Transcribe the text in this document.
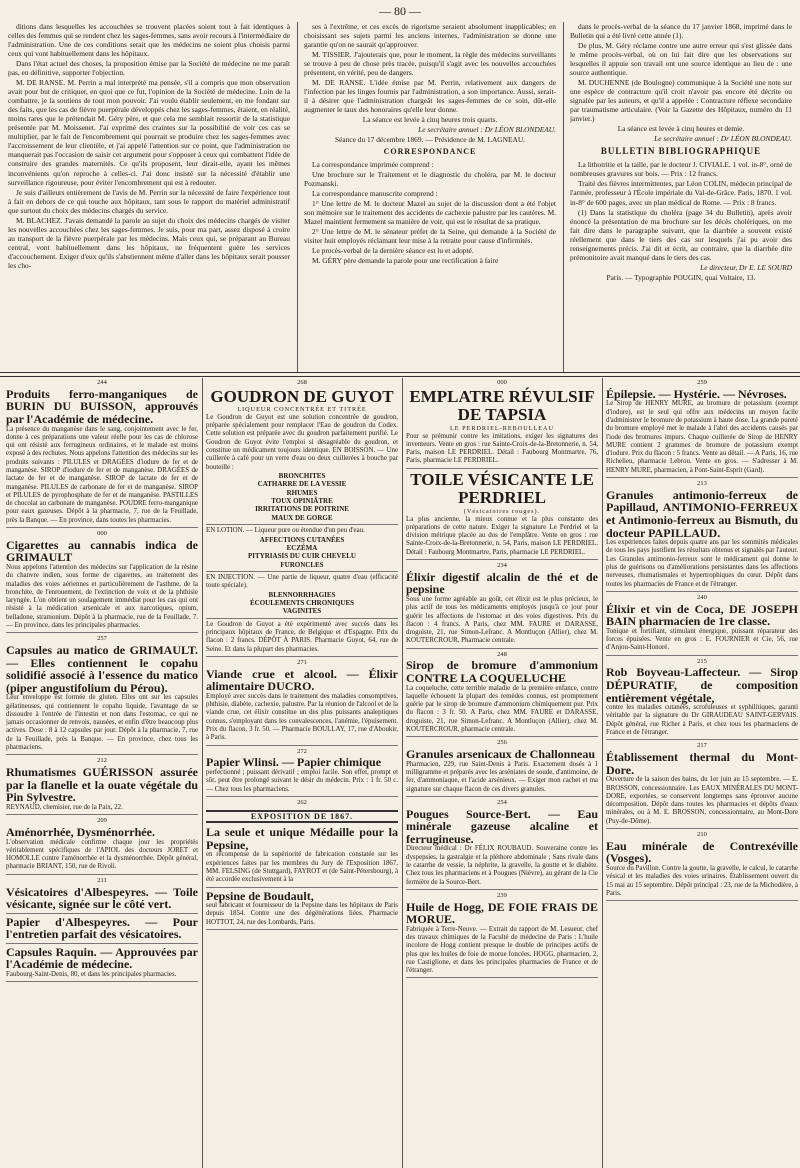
— 80 —

ditions dans lesquelles les accouchées se trouvent placées soient tout à fait identiques à celles des femmes qui se rendent chez les sages-femmes, sans avoir recours à l'intermédiaire de l'administration. Une de ces conditions serait que les médecins ne soient plus choisis parmi ceux qui vont habituellement dans les hôpitaux.

Dans l'état actuel des choses, la proposition émise par la Société de médecine ne me paraît pas, en définitive, supporter l'objection.

M. DE RANSE. M. Perrin a mal interprété ma pensée, s'il a compris que mon observation avait pour but de critiquer, en quoi que ce fut, l'opinion de la Société de médecine. Loin de la combattre, je la soutiens de tout mon pouvoir. J'ai voulu établir seulement, en me fondant sur des faits, que les cas de fièvre puerpérale développés chez les sages-femmes, étaient, en réalité, moins rares que le prétendait M. Géry père, et que cela me semblait ressortir de la statistique présentée par M. Moissenet. J'ai exprimé des craintes sur la possibilité de voir ces cas se multiplier, par le fait de l'encombrement qui pourrait se produire chez les sages-femmes avec l'accroissement de leur clientèle, et j'ai appelé l'attention sur ce point, que l'administration ne manquerait pas l'occasion de saisir cet argument pour s'opposer à ceux qui combattent l'idée de construire des grandes maternités. Ce qu'ils proposent, leur dirait-elle, ayant les mêmes inconvénients qu'on reproche à celles-ci. J'ai donc insisté sur la nécessité d'établir une surveillance rigoureuse, pour éviter l'encombrement qui est à redouter.

Je suis d'ailleurs entièrement de l'avis de M. Perrin sur la nécessité de faire l'expérience tout à fait en dehors de ce qui touche aux hôpitaux, tant sous le rapport du matériel administratif que surtout du choix des médecins chargés du service.

M. BLACHEZ. J'avais demandé la parole au sujet du choix des médecins chargés de visiter les nouvelles accouchées chez les sages-femmes. Je suis, pour ma part, assez disposé à croire au transport de la fièvre puerpérale par les médecins. Mais ceux qui, se préparant au Bureau central, vont habituellement dans les hôpitaux, ne fréquentent guère les services d'accouchement. Exiger d'eux qu'ils s'abstiennent même d'aller dans les hôpitaux serait pousser les cho-

ses à l'extrême, et ces excès de rigorisme seraient absolument inapplicables; en choisissant ses sujets parmi les anciens internes, l'administration se donne une garantie qu'on ne saurait qu'approuver.

M. TISSIER. J'ajouterais que, pour le moment, la règle des médecins surveillants se trouve à peu de chose près tracée, puisqu'il s'agit avec les nouvelles accouchées présentent, en vérité, peu de dangers.

M. DE RANSE. L'idée émise par M. Perrin, relativement aux dangers de l'infection par les linges fournis par l'administration, a son importance. Aussi, serait-il à désirer que l'administration chargeât les sages-femmes de ce soin, dût-elle augmenter le taux des honoraires qu'elle leur donne.

La séance est levée à cinq heures trois quarts.

Le secrétaire annuel : Dr LÉON BLONDEAU.

Séance du 17 décembre 1869. — Présidence de M. LAGNEAU.

CORRESPONDANCE

La correspondance imprimée comprend :

Une brochure sur le Traitement et le diagnostic du choléra, par M. le docteur Pozmanski.

La correspondance manuscrite comprend :

1° Une lettre de M. le docteur Mazel au sujet de la discussion dont a été l'objet son mémoire sur le traitement des accidents de cachexie palustre par les cautères. M. Mazel maintient fermement sa manière de voir, qui est le résultat de sa pratique.

2° Une lettre de M. le sénateur préfet de la Seine, qui demande à la Société de visiter huit employés réclamant leur mise à la retraite pour cause d'infirmités.

Le procès-verbal de la dernière séance est lu et adopté.

M. GÉRY père demande la parole pour une rectification à faire

dans le procès-verbal de la séance du 17 janvier 1868, imprimé dans le Bulletin qui a été livré cette année (1).

De plus, M. Géry réclame contre une autre erreur qui s'est glissée dans le même procès-verbal, où on lui fait dire que les observations sur lesquelles il appuie son travail ont une source identique au lieu de : une source authentique.

M. DUCHENNE (de Boulogne) communique à la Société une note sur une espèce de contracture qu'il croit n'avoir pas encore été décrite ou signalée par les auteurs, et qu'il a appelée : Contracture réflexe secondaire par traumatisme articulaire. (Voir la Gazette des Hôpitaux, numéro du 11 janvier.)

La séance est levée à cinq heures et demie.

Le secrétaire annuel : Dr LÉON BLONDEAU.

BULLETIN BIBLIOGRAPHIQUE

La lithotritie et la taille, par le docteur J. CIVIALE. 1 vol. in-8°, orné de nombreuses gravures sur bois. — Prix : 12 francs.

Traité des fièvres intermittentes, par Léon COLIN, médecin principal de l'armée, professeur à l'École impériale du Val-de-Grâce. Paris, 1870. 1 vol. in-8° de 600 pages, avec un plan médical de Rome. — Prix : 8 francs.

(1) Dans la statistique du choléra (page 34 du Bulletin), après avoir énoncé la présentation de ma brochure sur les décès cholériques, on me fait dire dans le paragraphe suivant, que la diarrhée a souvent existé réellement que dans le tiers des cas sur lesquels j'ai pu avoir des renseignements précis. J'ai dit et écrit, au contraire, que la diarrhée dite prémonitoire avait manqué dans le tiers des cas.

Le directeur, Dr E. LE SOURD

Paris. — Typographie POUGIN, quai Voltaire, 13.

244
Produits ferro-manganiques de BURIN DU BUISSON, approuvés par l'Académie de médecine.

La présence du manganèse dans le sang, conjointement avec le fer, donne à ces préparations une valeur réelle pour les cas de chlorose qui ont résisté aux ferrugineux ordinaires, et le malade est moins exposé à des rechutes. Nous appelons l'attention des médecins sur les produits suivants : PILULES et DRAGÉES d'iodure de fer et de manganèse. SIROP d'iodure de fer et de manganèse. DRAGÉES de lactate de fer et de manganèse. SIROP de lactate de fer et de manganèse. PILULES de carbonate de fer et de manganèse. SIROP et PILULES de pyrophosphate de fer et de manganèse. PASTILLES de chocolat au carbonate de manganèse. POUDRE ferro-manganique pour eaux gazeuses. Dépôt à la pharmacie, 7, rue de la Feuillade, près la Banque. — En province, dans toutes les pharmacies.

000
Cigarettes au cannabis indica de GRIMAULT

Nous appelons l'attention des médecins sur l'application de la résine du chanvre indien, sous forme de cigarettes, au traitement des maladies des voies aériennes et particulièrement de l'asthme, de la bronchite, de l'enrouement, de l'extinction de voix et de la phthisie laryngée. L'on obtient un soulagement immédiat pour les cas qui ont résisté à la médication arsenicale et aux narcotiques, opium, belladone, stramonium. Dépôt à la pharmacie, rue de la Feuillade, 7. — En province, dans les principales pharmacies.

257
Capsules au matico de GRIMAULT. — Elles contiennent le copahu solidifié associé à l'essence du matico (piper angustifolium du Pérou).

Leur enveloppe est formée de gluten. Elles ont sur les capsules gélatineuses, qui contiennent le copahu liquide, l'avantage de se dissoudre à l'entrée de l'intestin et non dans l'estomac, ce qui ne jamais occasionner de renvois, nausées, et enfin d'être beaucoup plus actives. Dose : 8 à 12 capsules par jour. Dépôt à la pharmacie, 7, rue de la Feuillade, près la Banque. — En province, chez tous les pharmaciens.

212
Rhumatismes GUÉRISSON assurée par la flanelle et la ouate végétale du Pin Sylvestre.

REYNAUD, chemisier, rue de la Paix, 22.

209
Aménorrhée, Dysménorrhée.

L'observation médicale confirme chaque jour les propriétés véritablement spécifiques de l'APIOL des docteurs JORET et HOMOLLE contre l'aménorrhée et la dysménorrhée. Dépôt général, pharmacie BRIANT, 150, rue de Rivoli.

211
Vésicatoires d'Albespeyres. — Toile vésicante, signée sur le côté vert.
Papier d'Albespeyres. — Pour l'entretien parfait des vésicatoires.
Capsules Raquin. — Approuvées par l'Académie de médecine.

Faubourg-Saint-Denis, 80, et dans les principales pharmacies.

268
GOUDRON DE GUYOT
LIQUEUR CONCENTRÉE ET TITRÉE

Le Goudron de Guyot est une solution concentrée de goudron, préparée spécialement pour remplacer l'Eau de goudron du Codex. Cette solution est préparée avec du goudron parfaitement purifié. Le Goudron de Guyot évite l'emploi si désagréable du goudron, et constitue un médicament toujours identique. EN BOISSON. — Une cuillerée à café pour un verre d'eau ou deux cuillerées à bouche par bouteille :

BRONCHITES
CATHARRE DE LA VESSIE
RHUMES
TOUX OPINIÂTRE
IRRITATIONS DE POITRINE
MAUX DE GORGE

EN LOTION. — Liqueur pure ou étendue d'un peu d'eau.

AFFECTIONS CUTANÉES
ECZÉMA
PITYRIASIS DU CUIR CHEVELU
FURONCLES

EN INJECTION. — Une partie de liqueur, quatre d'eau (efficacité toute spéciale).

BLENNORRHAGIES
ÉCOULEMENTS CHRONIQUES
VAGINITES

Le Goudron de Guyot a été expérimenté avec succès dans les principaux hôpitaux de France, de Belgique et d'Espagne. Prix du flacon : 2 francs. DÉPÔT À PARIS. Pharmacie Guyot, 64, rue de Seine. Et dans la plupart des pharmacies.

271
Viande crue et alcool. — Élixir alimentaire DUCRO.

Employé avec succès dans le traitement des maladies consomptives, phthisie, diabète, cachexie, palustre. Par la réunion de l'alcool et de la viande crue, cet élixir constitue un des plus puissants analeptiques connus, s'employant dans les convalescences, l'anémie, l'épuisement. Prix du flacon, 3 fr. 50. — Pharmacie BOULLAY, 17, rue d'Aboukir, à Paris.

272
Papier Wlinsi. — Papier chimique

perfectionné ; puissant dérivatif ; emploi facile. Son effet, prompt et sûr, peut être prolongé suivant le désir du médecin. Prix : 1 fr. 50 c. — Chez tous les pharmaciens.

262
EXPOSITION DE 1867.
La seule et unique Médaille pour la Pepsine,

en récompense de la supériorité de fabrication constatée sur les expériences faites par les membres du Jury de l'Exposition 1867, MM. FELSING (de Stuttgard), FAYROT et (de Saint-Pétersbourg), à été accordée exclusivement à la

Pepsine de Boudault,

seul fabricant et fournisseur de la Pepsine dans les hôpitaux de Paris depuis 1854. Contre une des dégénérations liées. Pharmacie HOTTOT, 24, rue des Lombards, Paris.

000
EMPLATRE RÉVULSIF DE TAPSIA
LE PERDRIEL-REBOULLEAU

Pour se prémunir contre les imitations, exiger les signatures des inventeurs. Vente en gros : rue Sainte-Croix-de-la-Bretonnerie, n. 54, Paris, maison LE PERDRIEL. Détail : Faubourg Montmartre, 76, Paris, pharmacie LE PERDRIEL.

TOILE VÉSICANTE LE PERDRIEL
(Vésicatoires rouges).

La plus ancienne, la mieux connue et la plus constante des préparations de cette nature. Exiger la signature Le Perdriel et la division métrique placée au dos de l'emplâtre. Vente en gros : rue Sainte-Croix-de-la-Bretonnerie, n. 54, Paris, maison LE PERDRIEL. Détail : Faubourg Montmartre, Paris, pharmacie LE PERDRIEL.

234
Élixir digestif alcalin de thé et de pepsine

Sous une forme agréable au goût, cet élixir est le plus précieux, le plus actif de tous les médicaments employés jusqu'à ce jour pour guérir les affections de l'estomac et des voies digestives. Prix du flacon : 4 francs. A Paris, chez MM. FAURE et DARASSE, droguiste, 21, rue Simon-Lefranc. A Montluçon (Allier), chez M. KOUTERCROUR, Pharmacie centrale.

248
Sirop de bromure d'ammonium CONTRE LA COQUELUCHE

La coqueluche, cette terrible maladie de la première enfance, contre laquelle échouent la plupart des remèdes connus, est promptement guérie par le sirop de bromure d'ammonium chimiquement pur. Prix du flacon : 3 fr. 50. A Paris, chez MM. FAURE et DARASSE, droguiste, 21, rue Simon-Lefranc. A Montluçon (Allier), chez M. KOUTERCROUR, pharmacie centrale.

256
Granules arsenicaux de Challonneau

Pharmacien, 229, rue Saint-Denis à Paris. Exactement dosés à 1 milligramme et préparés avec les arséniates de soude, d'antimoine, de fer, d'ammoniaque, et l'acide arsénieux. — Exiger mon cachet et ma signature sur chaque flacon de ces divers granules.

254
Pougues Source-Bert. — Eau minérale gazeuse alcaline et ferrugineuse.

Directeur médical : Dr FÉLIX ROUBAUD. Souveraine contre les dyspepsies, la gastralgie et la pléthore abdominale ; Sans rivale dans le catarrhe de vessie, la néphrite, la gravelle, la goutte et le diabète. Chez tous les pharmaciens et à Pougues (Nièvre), au gérant de la Cie fermière de la Source-Bert.

239
Huile de Hogg, DE FOIE FRAIS DE MORUE.

Fabriquée à Terre-Neuve. — Extrait du rapport de M. Lesueur, chef des travaux chimiques de la Faculté de médecine de Paris : L'huile incolore de Hogg contient presque le double de principes actifs de plus que les huiles de foie de morue foncées. HOGG, pharmacien, 2, rue Castiglione, et dans les principales pharmacies de France et de l'étranger.

259
Épilepsie. — Hystérie. — Névroses.

Le Sirop de HENRY MURE, au bromure de potassium (exempt d'iodure), est le seul qui offre aux médecins un moyen facile d'administrer le bromure de potassium à haute dose. La grande pureté du bromure employé met le malade à l'abri des accidents causés par l'iode des bromures impurs. Chaque cuillerée de Sirop de HENRY MURE contient 2 grammes de bromure de potassium exempt d'iodure. Prix du flacon : 5 francs. Vente au détail. — A Paris, 16, rue Richelieu, pharmacie Lebrou. Vente en gros. — S'adresser à M. HENRY MURE, pharmacien, à Pont-Saint-Esprit (Gard).

213
Granules antimonio-ferreux de Papillaud, ANTIMONIO-FERREUX et Antimonio-ferreux au Bismuth, du docteur PAPILLAUD.

Les expériences faites depuis quatre ans par les sommités médicales de tous les pays justifient les résultats obtenus et signalés par l'auteur. Les Granules antimonio-ferreux sont le médicament qui donne le plus de guérisons ou d'améliorations persistantes dans les affections nerveuses, rhumatismales et hypertrophiques du cœur. Dépôt dans toutes les pharmacies de France et de l'étranger.

240
Élixir et vin de Coca, DE JOSEPH BAIN pharmacien de 1re classe.

Tonique et fortifiant, stimulant énergique, puissant réparateur des forces épuisées. Vente en gros : E. FOURNIER et Cie, 56, rue d'Anjou-Saint-Honoré.

215
Rob Boyveau-Laffecteur. — Sirop DÉPURATIF, de composition entièrement végétale,

contre les maladies cutanées, scrofuleuses et syphilitiques, garanti véritable par la signature du Dr GIRAUDEAU SAINT-GERVAIS. Dépôt général, rue Richer à Paris, et chez tous les pharmaciens de France et de l'étranger.

217
Établissement thermal du Mont-Dore.

Ouverture de la saison des bains, du 1er juin au 15 septembre. — E. BROSSON, concessionnaire. Les EAUX MINÉRALES DU MONT-DORE, exportées, se conservent longtemps sans éprouver aucune décomposition. Dépôt dans toutes les pharmacies et dépôts d'eaux minérales, ou à M. E. BROSSON, concessionnaire, au Mont-Dore (Puy-de-Dôme).

210
Eau minérale de Contrexéville (Vosges).

Source du Pavillon. Contre la goutte, la gravelle, le calcul, le catarrhe vésical et les maladies des voies urinaires. Établissement ouvert du 15 mai au 15 septembre. Dépôt principal : 23, rue de la Michodière, à Paris.
